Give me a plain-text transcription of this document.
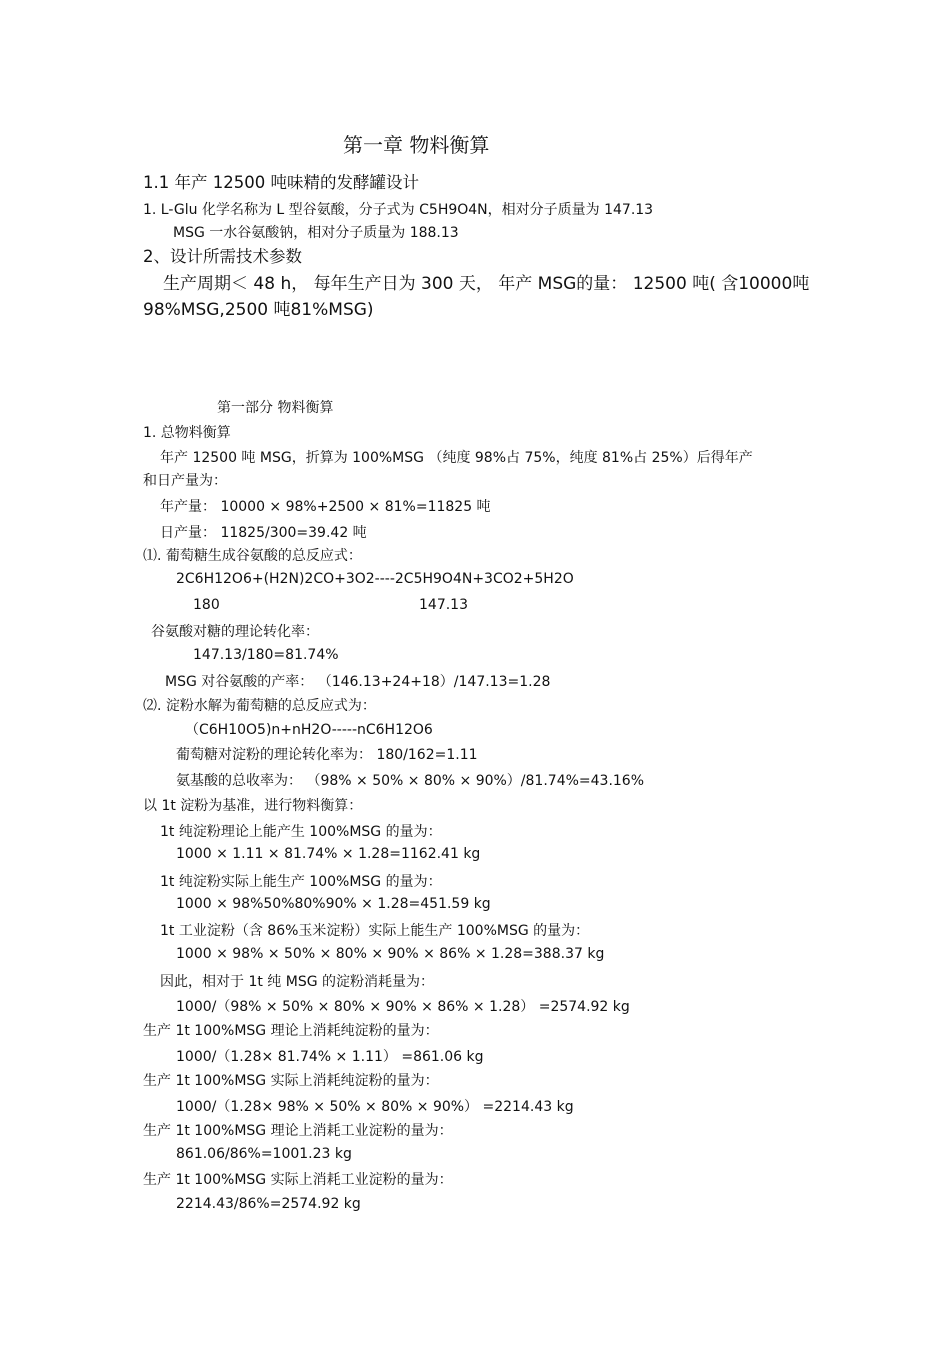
第一章 物料衡算
1.1 年产 12500 吨味精的发酵罐设计
1. L-Glu 化学名称为 L 型谷氨酸，分子式为 C5H9O4N，相对分子质量为 147.13
MSG 一水谷氨酸钠，相对分子质量为 188.13
2、设计所需技术参数
生产周期＜ 48 h， 每年生产日为 300 天， 年产 MSG的量： 12500 吨( 含10000吨
98%MSG,2500 吨81%MSG)
第一部分 物料衡算
1. 总物料衡算
年产 12500 吨 MSG，折算为 100%MSG （纯度 98%占 75%，纯度 81%占 25%）后得年产
和日产量为：
年产量： 10000 × 98%+2500 × 81%=11825 吨
日产量： 11825/300=39.42 吨
⑴. 葡萄糖生成谷氨酸的总反应式：
2C6H12O6+(H2N)2CO+3O2----2C5H9O4N+3CO2+5H2O
180	147.13
谷氨酸对糖的理论转化率：
147.13/180=81.74%
MSG 对谷氨酸的产率： （146.13+24+18）/147.13=1.28
⑵. 淀粉水解为葡萄糖的总反应式为：
（C6H10O5)n+nH2O-----nC6H12O6
葡萄糖对淀粉的理论转化率为： 180/162=1.11
氨基酸的总收率为： （98% × 50% × 80% × 90%）/81.74%=43.16%
以 1t 淀粉为基准，进行物料衡算：
1t 纯淀粉理论上能产生 100%MSG 的量为：
1000 × 1.11 × 81.74% × 1.28=1162.41 kg
1t 纯淀粉实际上能生产 100%MSG 的量为：
1000 × 98%50%80%90% × 1.28=451.59 kg
1t 工业淀粉（含 86%玉米淀粉）实际上能生产 100%MSG 的量为：
1000 × 98% × 50% × 80% × 90% × 86% × 1.28=388.37 kg
因此，相对于 1t 纯 MSG 的淀粉消耗量为：
1000/（98% × 50% × 80% × 90% × 86% × 1.28） =2574.92 kg
生产 1t 100%MSG 理论上消耗纯淀粉的量为：
1000/（1.28× 81.74% × 1.11） =861.06 kg
生产 1t 100%MSG 实际上消耗纯淀粉的量为：
1000/（1.28× 98% × 50% × 80% × 90%） =2214.43 kg
生产 1t 100%MSG 理论上消耗工业淀粉的量为：
861.06/86%=1001.23 kg
生产 1t 100%MSG 实际上消耗工业淀粉的量为：
2214.43/86%=2574.92 kg
